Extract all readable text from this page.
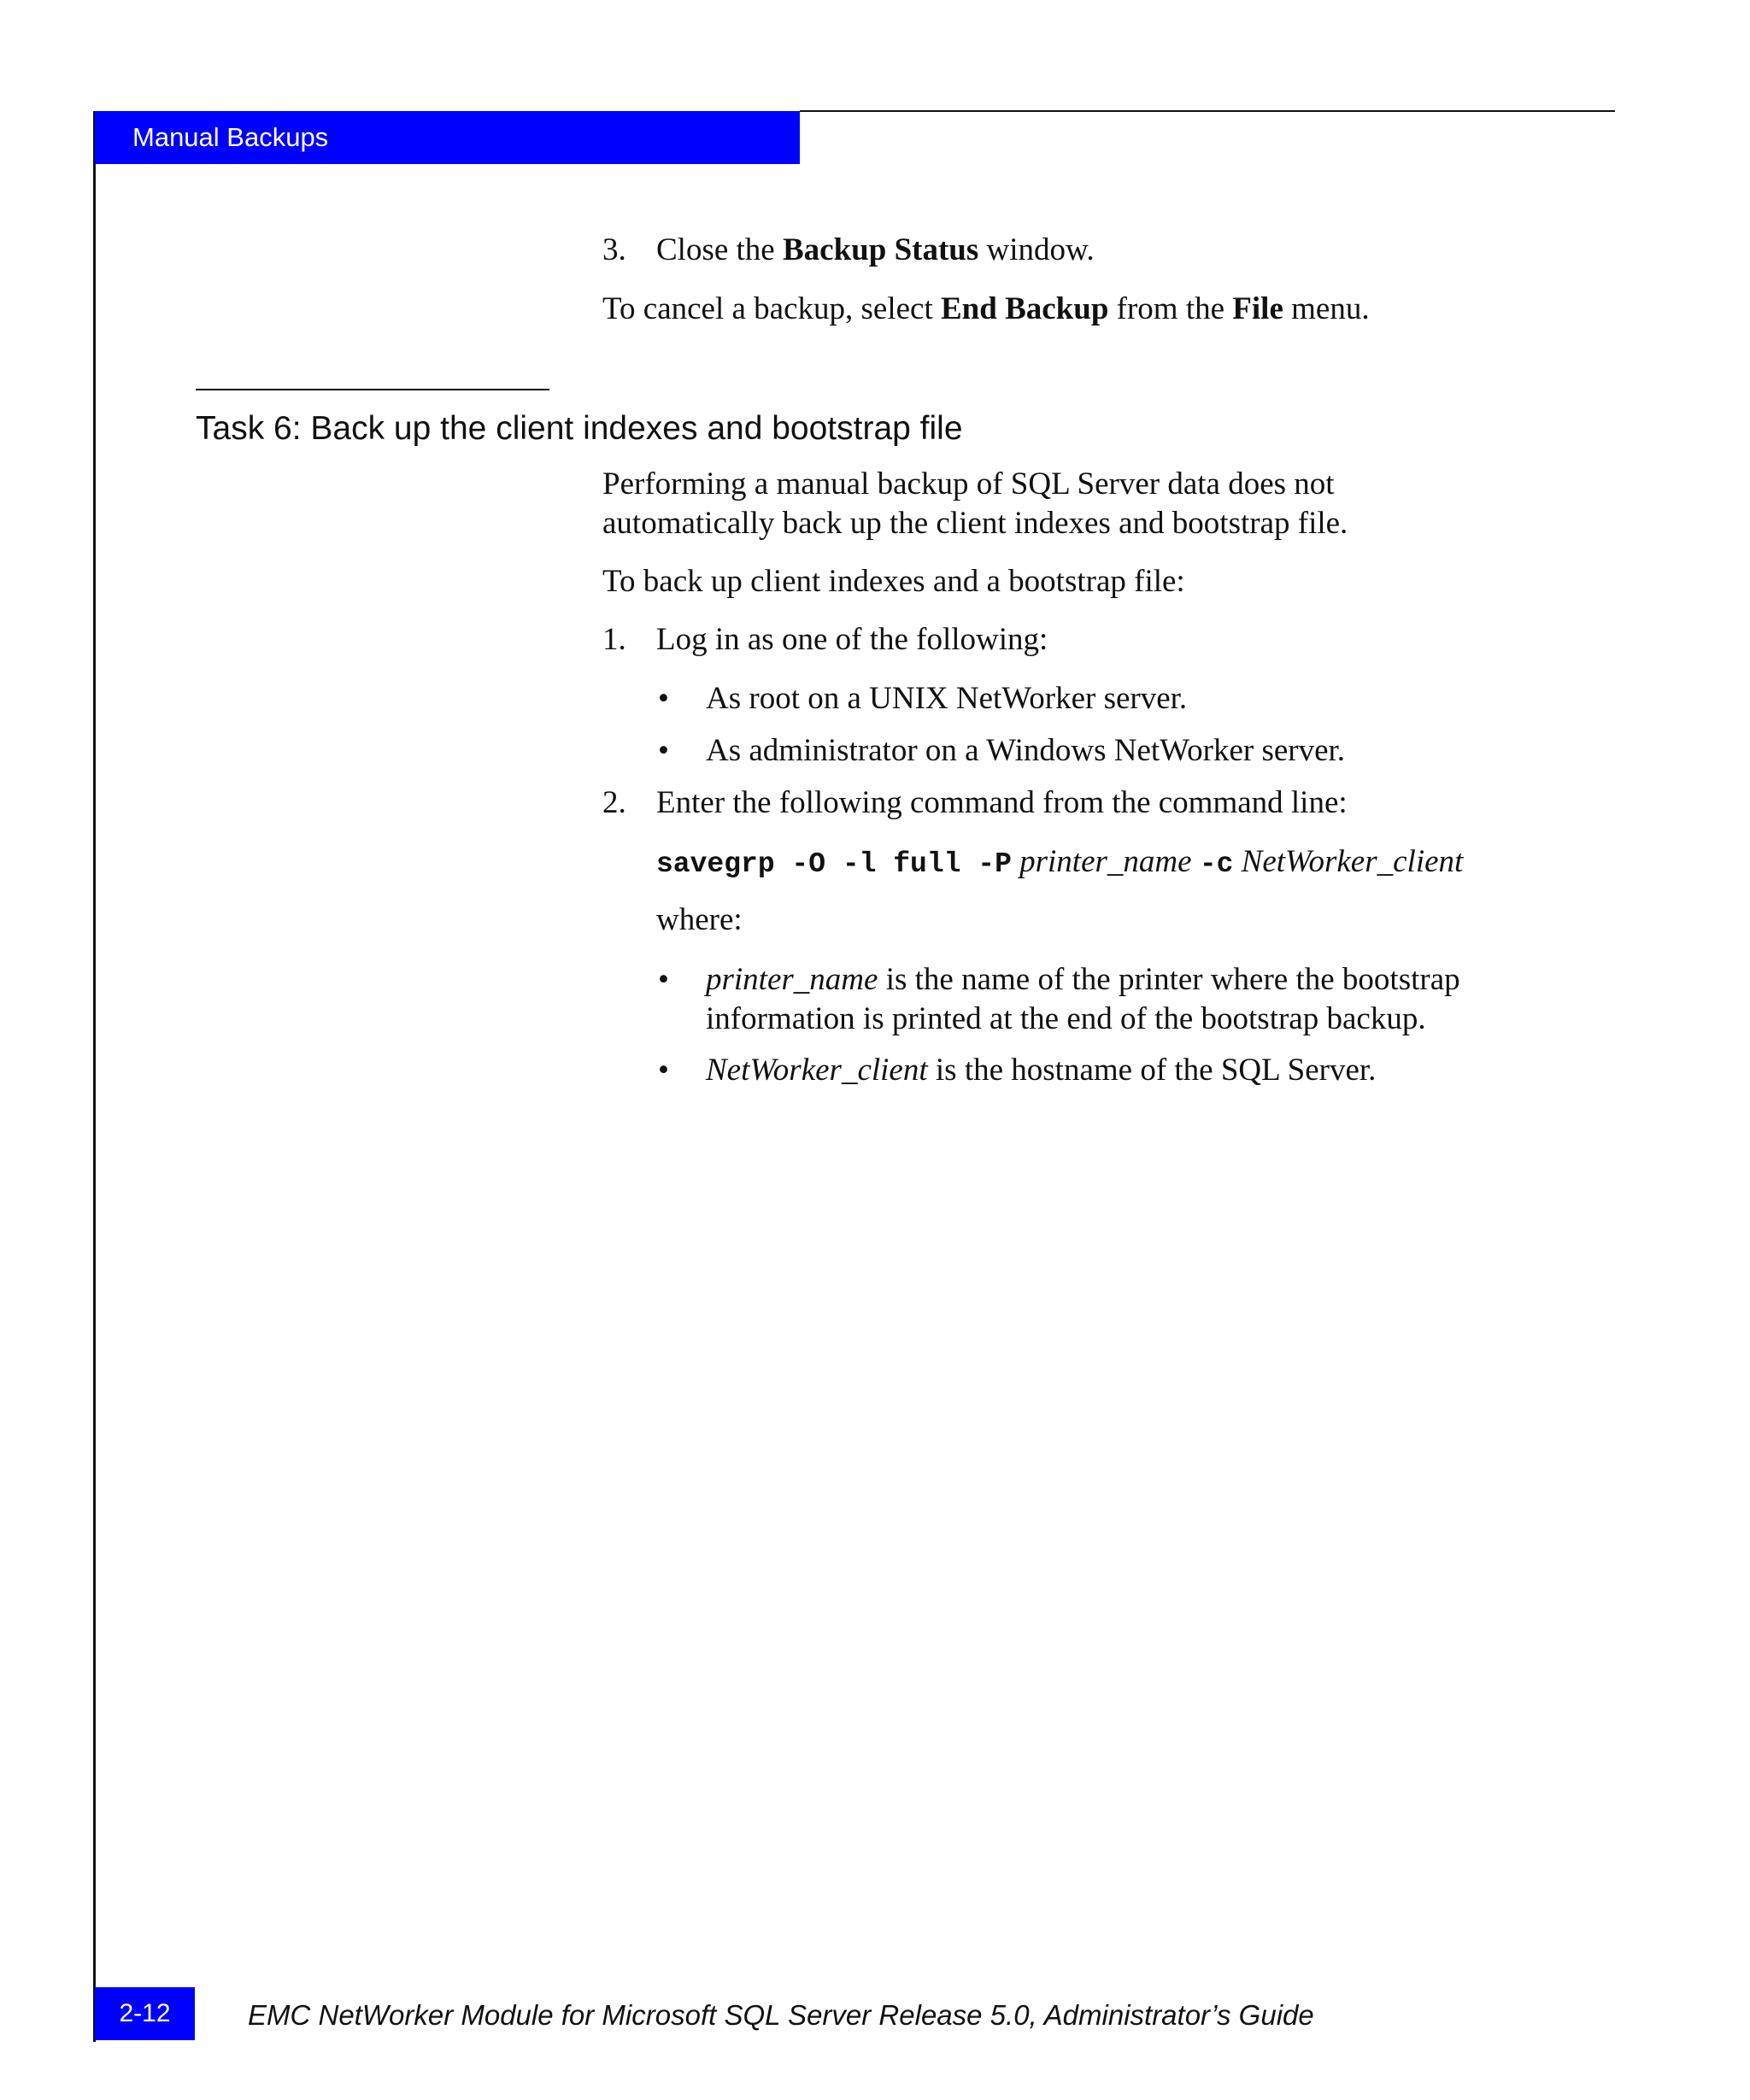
Manual Backups
3. Close the Backup Status window.
To cancel a backup, select End Backup from the File menu.
Task 6: Back up the client indexes and bootstrap file
Performing a manual backup of SQL Server data does not
automatically back up the client indexes and bootstrap file.
To back up client indexes and a bootstrap file:
1. Log in as one of the following:
• As root on a UNIX NetWorker server.
• As administrator on a Windows NetWorker server.
2. Enter the following command from the command line:
savegrp -O -l full -P printer_name -c NetWorker_client
where:
• printer_name is the name of the printer where the bootstrap
information is printed at the end of the bootstrap backup.
• NetWorker_client is the hostname of the SQL Server.
2-12	EMC NetWorker Module for Microsoft SQL Server Release 5.0, Administrator’s Guide
